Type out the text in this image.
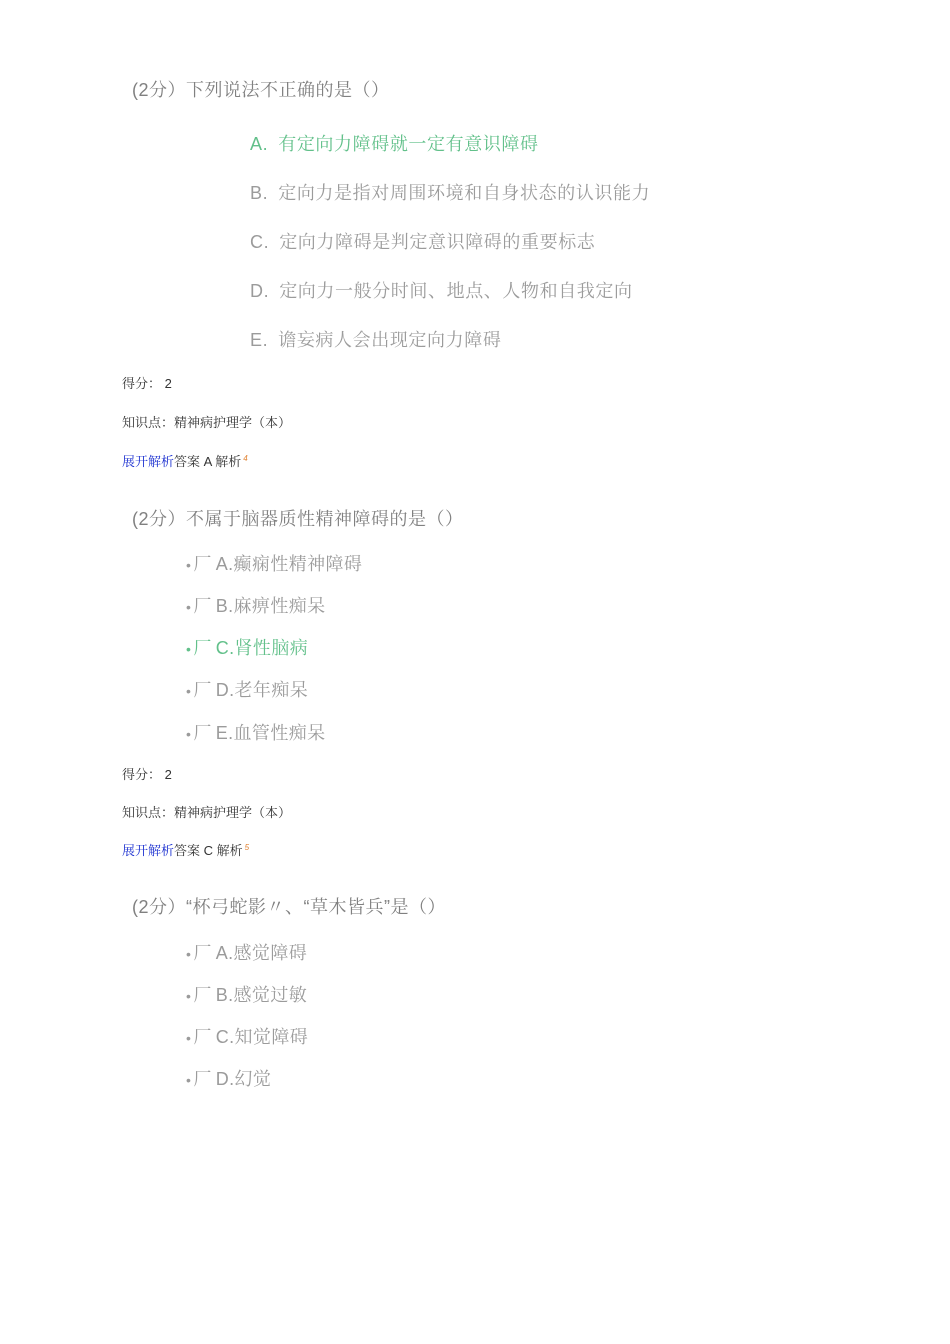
(2分）下列说法不正确的是（）
A. 有定向力障碍就一定有意识障碍
B. 定向力是指对周围环境和自身状态的认识能力
C. 定向力障碍是判定意识障碍的重要标志
D. 定向力一般分时间、地点、人物和自我定向
E. 谵妄病人会出现定向力障碍
得分： 2
知识点：精神病护理学（本）
展开解析答案 A 解析 $^4$
(2分）不属于脑器质性精神障碍的是（）
• 厂 A.癫痫性精神障碍
• 厂 B.麻痹性痴呆
• 厂 C.肾性脑病
• 厂 D.老年痴呆
• 厂 E.血管性痴呆
得分： 2
知识点：精神病护理学（本）
展开解析答案 C 解析 $^5$
(2分）“杯弓蛇影〃、“草木皆兵”是（）
• 厂 A.感觉障碍
• 厂 B.感觉过敏
• 厂 C.知觉障碍
• 厂 D.幻觉
